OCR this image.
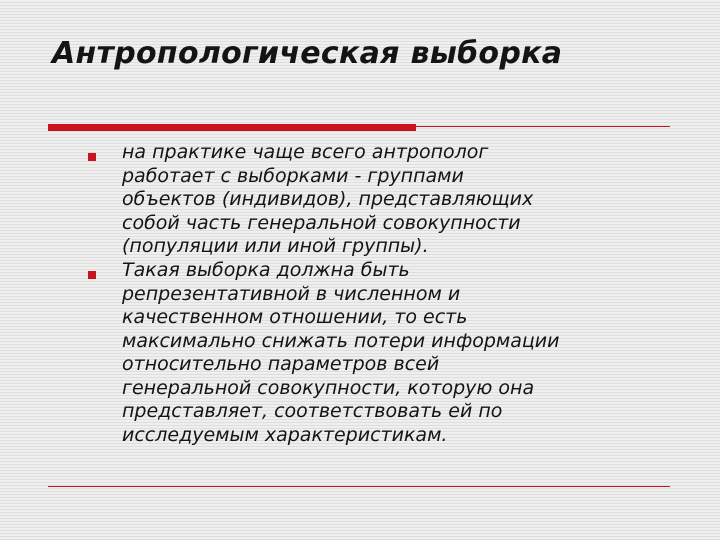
Антропологическая выборка
на практике чаще всего антрополог
работает с выборками - группами
объектов (индивидов), представляющих
собой часть генеральной совокупности
(популяции или иной группы).
Такая выборка должна быть
репрезентативной в численном и
качественном отношении, то есть
максимально снижать потери информации
относительно параметров всей
генеральной совокупности, которую она
представляет, соответствовать ей по
исследуемым характеристикам.
